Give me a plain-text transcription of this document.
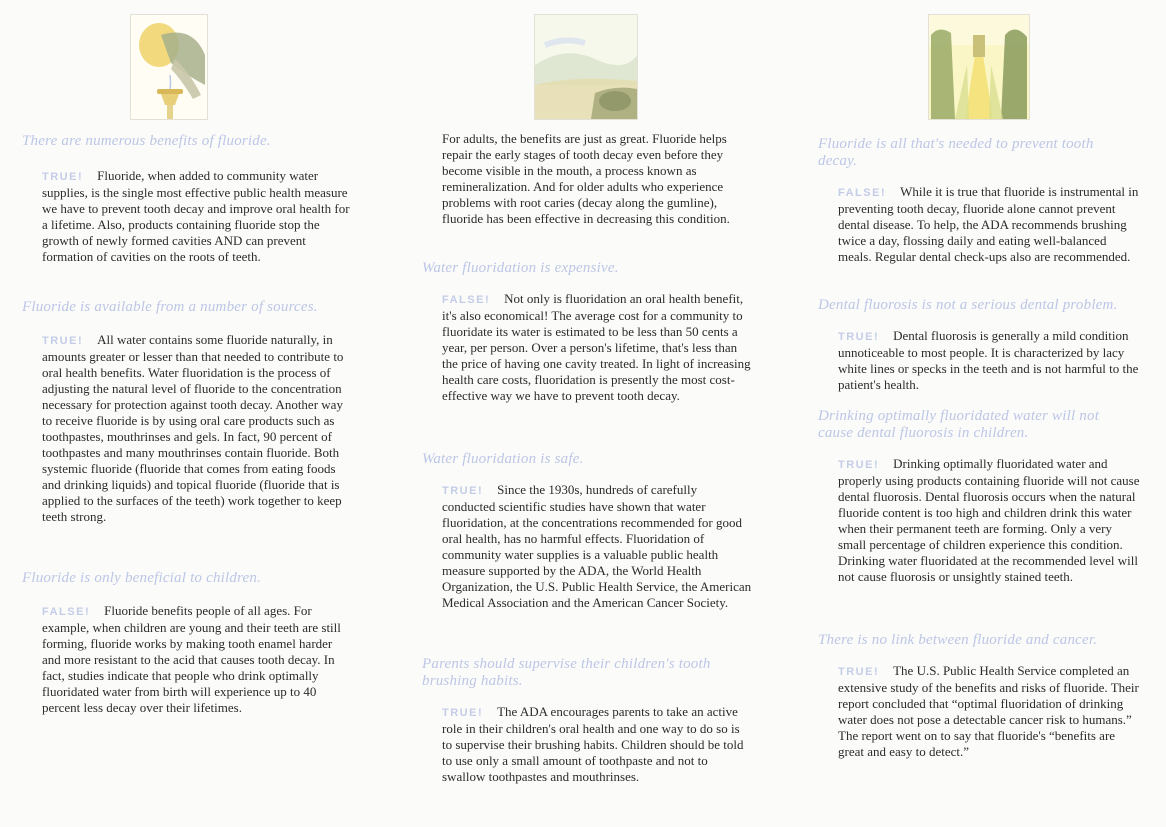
There are numerous benefits of fluoride.

TRUE! Fluoride, when added to community water supplies, is the single most effective public health measure we have to prevent tooth decay and improve oral health for a lifetime. Also, products containing fluoride stop the growth of newly formed cavities AND can prevent formation of cavities on the roots of teeth.

Fluoride is available from a number of sources.

TRUE! All water contains some fluoride naturally, in amounts greater or lesser than that needed to contribute to oral health benefits. Water fluoridation is the process of adjusting the natural level of fluoride to the concentration necessary for protection against tooth decay. Another way to receive fluoride is by using oral care products such as toothpastes, mouthrinses and gels. In fact, 90 percent of toothpastes and many mouthrinses contain fluoride. Both systemic fluoride (fluoride that comes from eating foods and drinking liquids) and topical fluoride (fluoride that is applied to the surfaces of the teeth) work together to keep teeth strong.

Fluoride is only beneficial to children.

FALSE! Fluoride benefits people of all ages. For example, when children are young and their teeth are still forming, fluoride works by making tooth enamel harder and more resistant to the acid that causes tooth decay. In fact, studies indicate that people who drink optimally fluoridated water from birth will experience up to 40 percent less decay over their lifetimes.

For adults, the benefits are just as great. Fluoride helps repair the early stages of tooth decay even before they become visible in the mouth, a process known as remineralization. And for older adults who experience problems with root caries (decay along the gumline), fluoride has been effective in decreasing this condition.

Water fluoridation is expensive.

FALSE! Not only is fluoridation an oral health benefit, it's also economical! The average cost for a community to fluoridate its water is estimated to be less than 50 cents a year, per person. Over a person's lifetime, that's less than the price of having one cavity treated. In light of increasing health care costs, fluoridation is presently the most cost-effective way we have to prevent tooth decay.

Water fluoridation is safe.

TRUE! Since the 1930s, hundreds of carefully conducted scientific studies have shown that water fluoridation, at the concentrations recommended for good oral health, has no harmful effects. Fluoridation of community water supplies is a valuable public health measure supported by the ADA, the World Health Organization, the U.S. Public Health Service, the American Medical Association and the American Cancer Society.

Parents should supervise their children's tooth brushing habits.

TRUE! The ADA encourages parents to take an active role in their children's oral health and one way to do so is to supervise their brushing habits. Children should be told to use only a small amount of toothpaste and not to swallow toothpastes and mouthrinses.

Fluoride is all that's needed to prevent tooth decay.

FALSE! While it is true that fluoride is instrumental in preventing tooth decay, fluoride alone cannot prevent dental disease. To help, the ADA recommends brushing twice a day, flossing daily and eating well-balanced meals. Regular dental check-ups also are recommended.

Dental fluorosis is not a serious dental problem.

TRUE! Dental fluorosis is generally a mild condition unnoticeable to most people. It is characterized by lacy white lines or specks in the teeth and is not harmful to the patient's health.

Drinking optimally fluoridated water will not cause dental fluorosis in children.

TRUE! Drinking optimally fluoridated water and properly using products containing fluoride will not cause dental fluorosis. Dental fluorosis occurs when the natural fluoride content is too high and children drink this water when their permanent teeth are forming. Only a very small percentage of children experience this condition. Drinking water fluoridated at the recommended level will not cause fluorosis or unsightly stained teeth.

There is no link between fluoride and cancer.

TRUE! The U.S. Public Health Service completed an extensive study of the benefits and risks of fluoride. Their report concluded that “optimal fluoridation of drinking water does not pose a detectable cancer risk to humans.” The report went on to say that fluoride's “benefits are great and easy to detect.”
